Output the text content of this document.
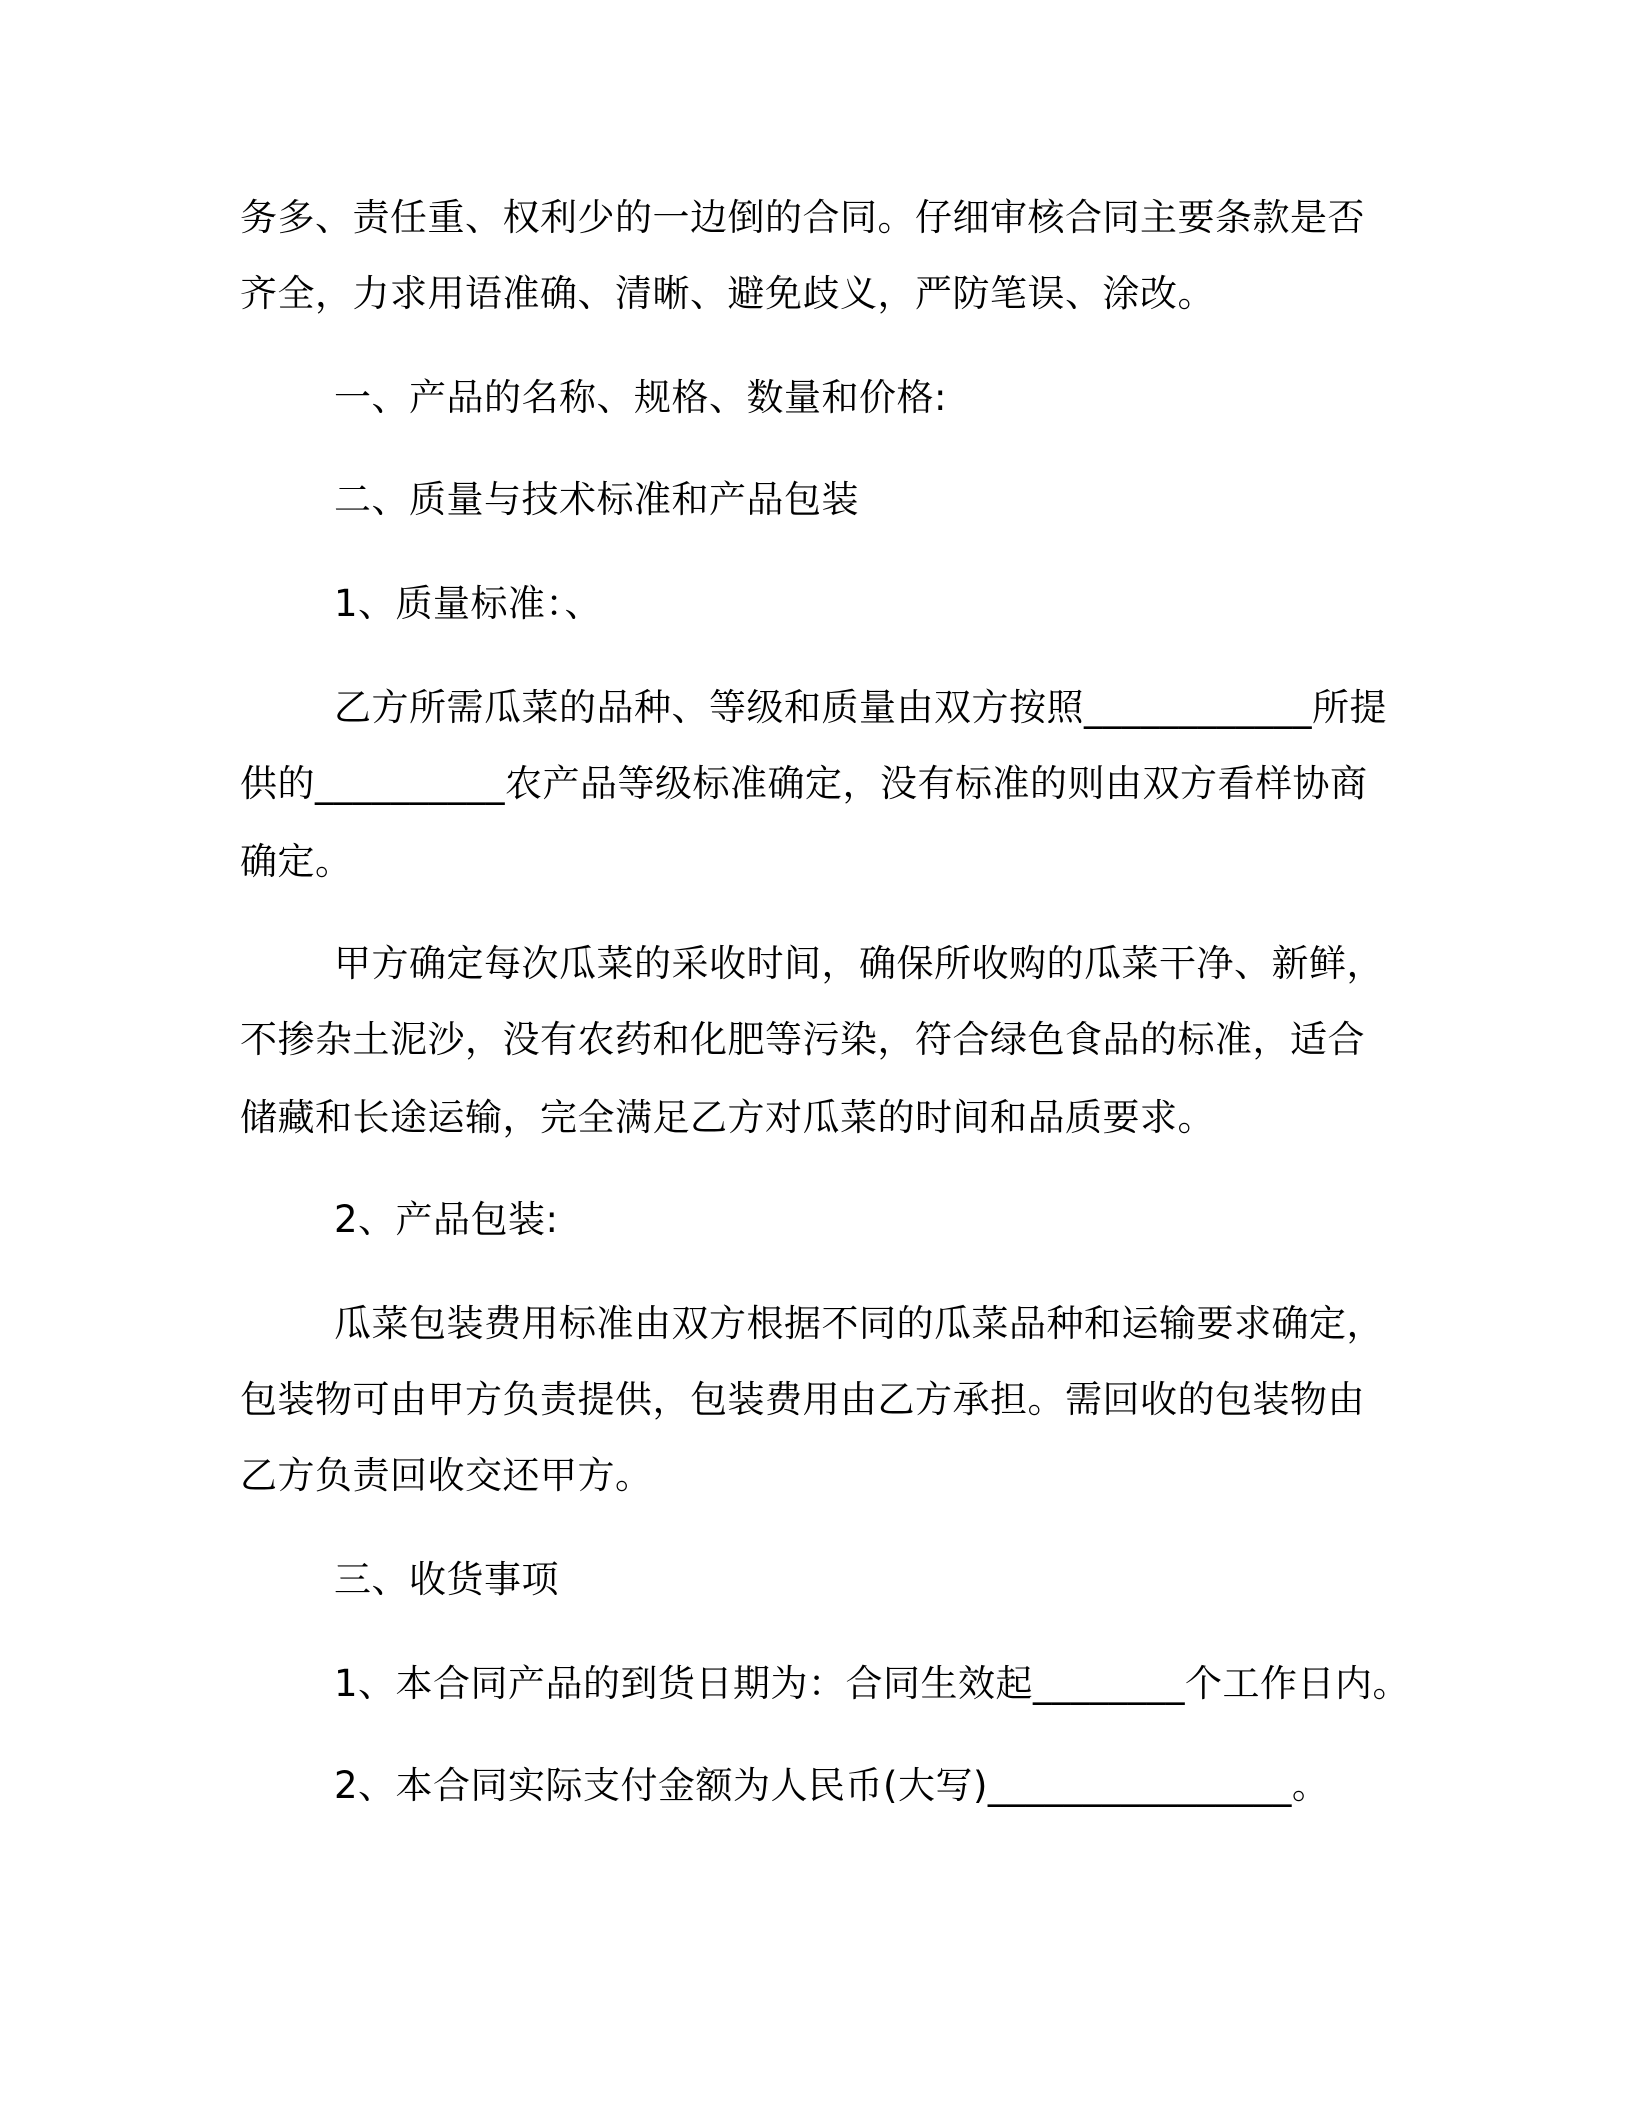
务多、责任重、权利少的一边倒的合同。仔细审核合同主要条款是否
齐全，力求用语准确、清晰、避免歧义，严防笔误、涂改。
一、产品的名称、规格、数量和价格:
二、质量与技术标准和产品包装
1、质量标准：、
乙方所需瓜菜的品种、等级和质量由双方按照____________所提
供的__________农产品等级标准确定，没有标准的则由双方看样协商
确定。
甲方确定每次瓜菜的采收时间，确保所收购的瓜菜干净、新鲜，
不掺杂土泥沙，没有农药和化肥等污染，符合绿色食品的标准，适合
储藏和长途运输，完全满足乙方对瓜菜的时间和品质要求。
2、产品包装:
瓜菜包装费用标准由双方根据不同的瓜菜品种和运输要求确定，
包装物可由甲方负责提供，包装费用由乙方承担。需回收的包装物由
乙方负责回收交还甲方。
三、收货事项
1、本合同产品的到货日期为：合同生效起________个工作日内。
2、本合同实际支付金额为人民币(大写)________________。
